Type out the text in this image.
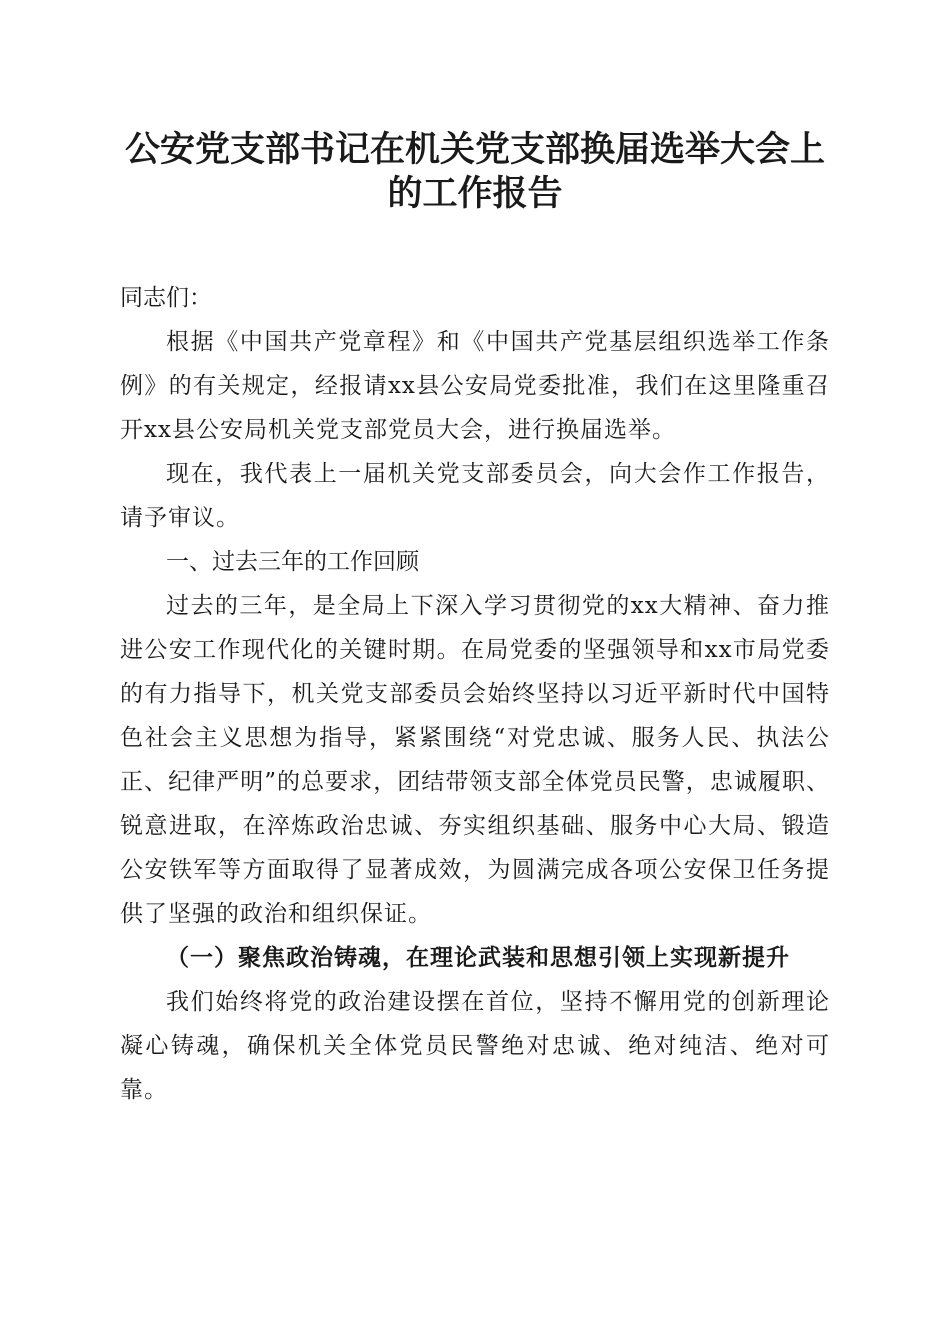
公安党支部书记在机关党支部换届选举大会上的工作报告
同志们：

根据《中国共产党章程》和《中国共产党基层组织选举工作条例》的有关规定，经报请xx县公安局党委批准，我们在这里隆重召开xx县公安局机关党支部党员大会，进行换届选举。

现在，我代表上一届机关党支部委员会，向大会作工作报告，请予审议。

一、过去三年的工作回顾

过去的三年，是全局上下深入学习贯彻党的xx大精神、奋力推进公安工作现代化的关键时期。在局党委的坚强领导和xx市局党委的有力指导下，机关党支部委员会始终坚持以习近平新时代中国特色社会主义思想为指导，紧紧围绕“对党忠诚、服务人民、执法公正、纪律严明”的总要求，团结带领支部全体党员民警，忠诚履职、锐意进取，在淬炼政治忠诚、夯实组织基础、服务中心大局、锻造公安铁军等方面取得了显著成效，为圆满完成各项公安保卫任务提供了坚强的政治和组织保证。

（一）聚焦政治铸魂，在理论武装和思想引领上实现新提升

我们始终将党的政治建设摆在首位，坚持不懈用党的创新理论凝心铸魂，确保机关全体党员民警绝对忠诚、绝对纯洁、绝对可靠。
